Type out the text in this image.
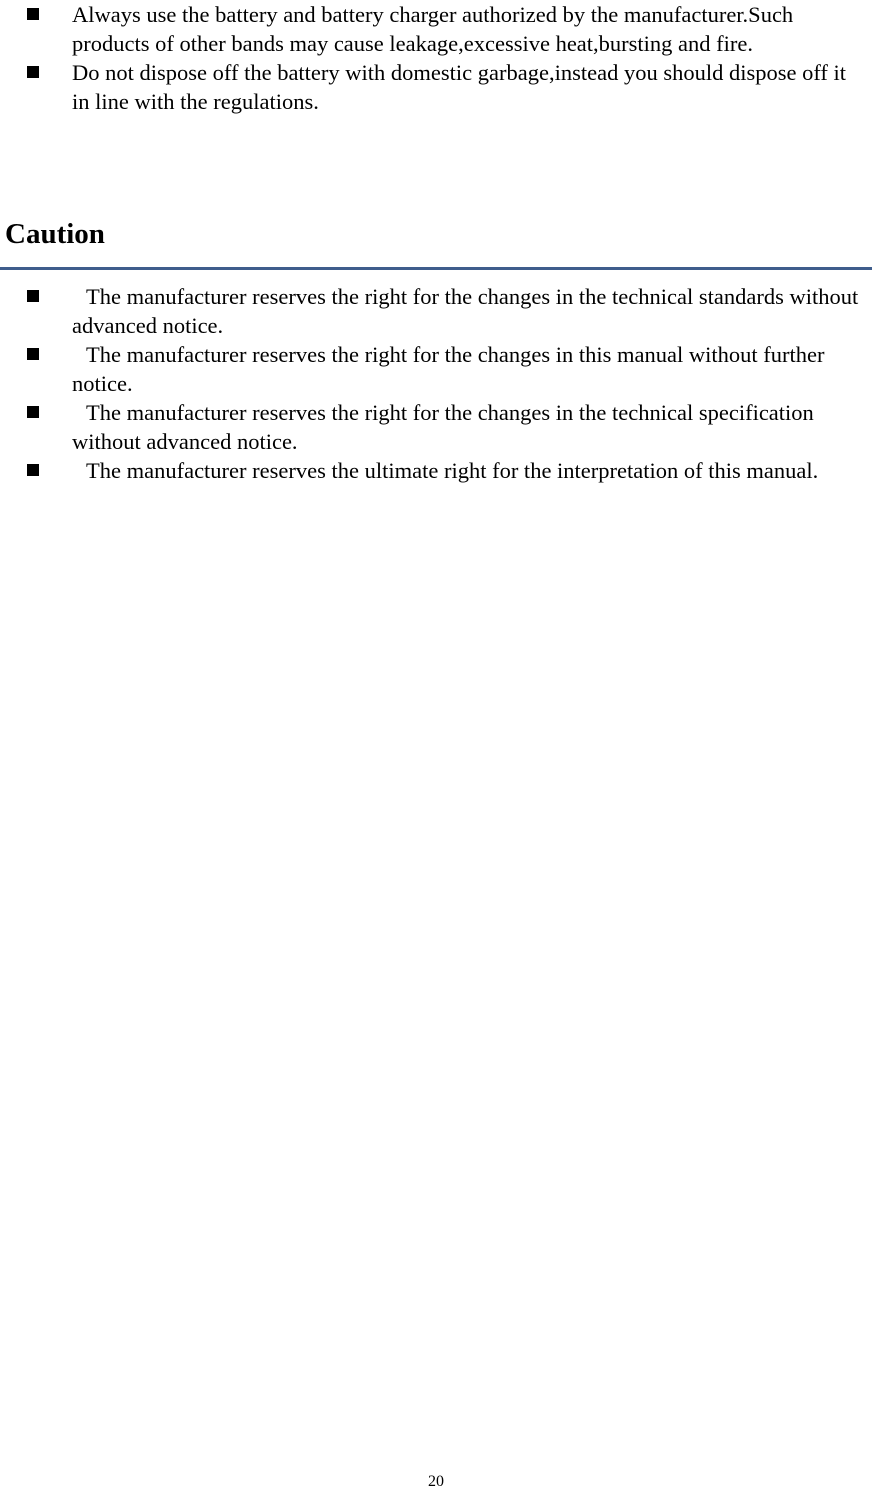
Always use the battery and battery charger authorized by the manufacturer.Such products of other bands may cause leakage,excessive heat,bursting and fire.
Do not dispose off the battery with domestic garbage,instead you should dispose off it in line with the regulations.
Caution
The manufacturer reserves the right for the changes in the technical standards without advanced notice.
The manufacturer reserves the right for the changes in this manual without further notice.
The manufacturer reserves the right for the changes in the technical specification without advanced notice.
The manufacturer reserves the ultimate right for the interpretation of this manual.
20
